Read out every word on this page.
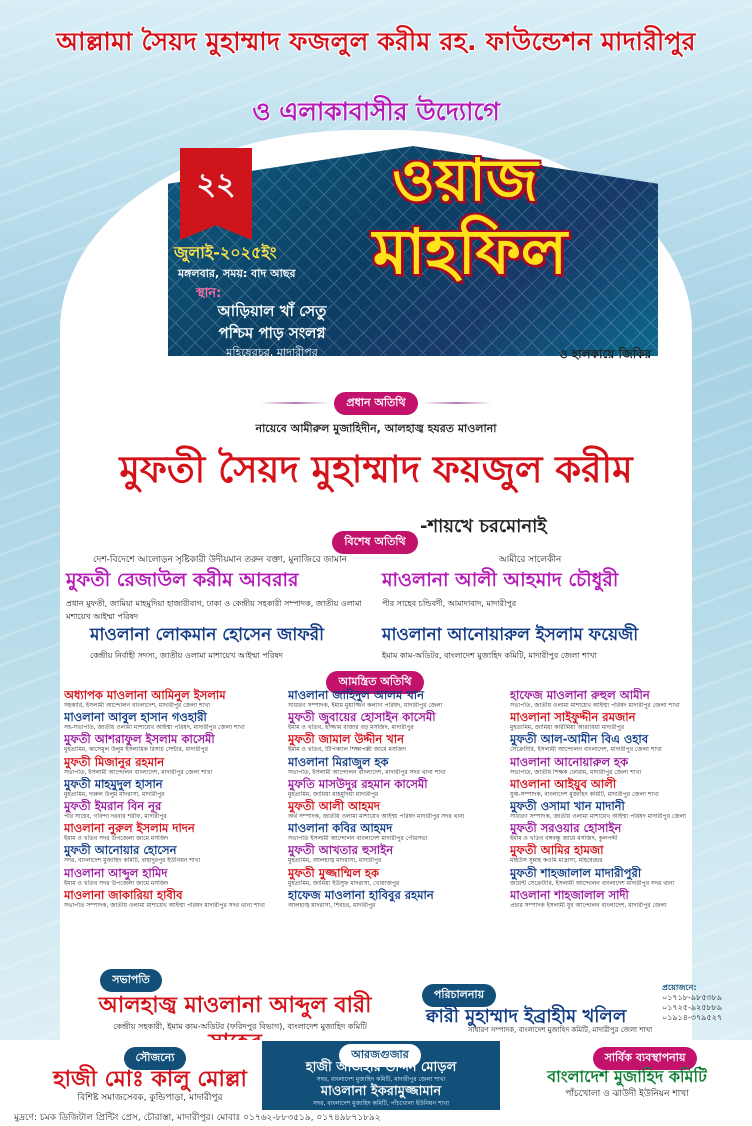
আল্লামা সৈয়দ মুহাম্মাদ ফজলুল করীম রহ. ফাউন্ডেশন মাদারীপুর
ও এলাকাবাসীর উদ্যোগে
২২
জুলাই-২০২৫ইং
মঙ্গলবার, সময়: বাদ আছর
স্থান:
আড়িয়াল খাঁ সেতু
পশ্চিম পাড় সংলগ্ন
মহিষেরচর, মাদারীপুর
ওয়াজ
মাহফিল
ও হালকায়ে জিকির
প্রধান অতিথি
নায়েবে আমীরুল মুজাহিদীন, আলহাজ্ব হযরত মাওলানা
মুফতী সৈয়দ মুহাম্মাদ ফয়জুল করীম
-শায়খে চরমোনাই
বিশেষ অতিথি
দেশ-বিদেশে আলোড়ন সৃষ্টিকারী উদীয়মান তরুন বক্তা, মুনাজিরে জামান	আমীরে সালেকীন
মুফতী রেজাউল করীম আবরার
প্রধান মুফতী, জামিয়া মাহমুদিয়া হাজারীবাগ, ঢাকা ও কেন্দ্রীয় সহকারী সম্পাদক, জাতীয় ওলামা মশায়েখ আইম্মা পরিষদ
মাওলানা আলী আহমাদ চৌধুরী
পীর সাহেব চন্ডিবর্দী, আমাদাবাদ, মাদারীপুর
মাওলানা লোকমান হোসেন জাফরী
কেন্দ্রীয় নির্বাহী সদস্য, জাতীয় ওলামা মাশায়েখ আইম্মা পরিষদ
মাওলানা আনোয়ারুল ইসলাম ফয়েজী
ইমাম কাম-অডিটর, বাংলাদেশ মুজাহিদ কমিটি, মাদারীপুর জেলা শাখা
আমন্ত্রিত অতিথি
অধ্যাপক মাওলানা আমিনুল ইসলাম
সহকারি, ইসলামী আন্দোলন বাংলাদেশ, মাদারীপুর জেলা শাখা
মাওলানা আবুল হাসান গওহারী
সহ-সভাপতি, জাতীয় ওলামা মাশায়েখ আইম্মা পরিষদ, মাদারীপুর জেলা শাখা
মুফতী আশরাফুল ইসলাম কাসেমী
মুহতামিম, কাসেমুল উলুম ইসলামিক রিসার্চ সেন্টার, মাদারীপুর
মুফতী মিজানুর রহমান
সভাপতি, ইসলামী আন্দোলন বাংলাদেশ, মাদারীপুর জেলা শাখা
মুফতী মাহমুদুল হাসান
মুহতামিম, দারুল উলুম মাদরাসা, মাদারীপুর
মুফতী ইমরান বিন নূর
পীর সাহেব, গবিন্দা দরবার শরীফ, মাদারীপুর
মাওলানা নুরুল ইসলাম দাদন
ইমাম ও খতিব সদর উপজেলা জামে মসজিদ
মুফতী আনোয়ার হোসেন
সদর, বাংলাদেশ মুজাহিদ কমিটি, বাহাদুরপুর ইউনিয়ন শাখা
মাওলানা আব্দুল হামিদ
ইমাম ও খতিব সদর উপজেলা জামে মসজিদ
মাওলানা জাকারিয়া হাবীব
সভাপতি সম্পাদক, জাতীয় ওলামা মাশায়েখ আইম্মা পরিষদ মাদারীপুর সদর থানা শাখা
মাওলানা জাহিদুল আলম খান
সাধারণ সম্পাদক, ইমাম মুয়াজ্জিন কল্যাণ পরিষদ, মাদারীপুর জেলা
মুফতী জুবায়ের হোসাইন কাসেমী
ইমাম ও খতিব, হাজ্জাম বাজার বড় মসজিদ, মাদারীপুর
মুফতী জামাল উদ্দীন খান
ইমাম ও খতিব, টিপিক্যাল শিক্ষাপল্লী জামে মসজিদ
মাওলানা মিরাজুল হক
সভাপতি, ইসলামী আন্দোলন বাংলাদেশ, মাদারীপুর সদর থানা শাখা
মুফতি মাসউদুর রহমান কাসেমী
মুহতামিম, জামিয়া মাহমুদিয়া মাদারীপুর
মুফতী আলী আহমদ
অর্থ সম্পাদক, জাতীয় ওলামা মাশায়েখ আইম্মা পরিষদ মাদারীপুর সদর থানা
মাওলানা কবির আহমদ
সভাপতি ইসলামী আন্দোলন বাংলাদেশ মাদারীপুর পৌরসভা
মুফতী আখতার হুসাইন
মুহতামিম, আলহাজ্ব মাদরাসা, মাদারীপুর
মুফতী মুজ্জাম্মিল হক
মুহতামিম, জামিয়া ইউসুফ মাদরাসা, খোয়াজপুর
হাফেজ মাওলানা হাবিবুর রহমান
আলহাজ্ব মাদরাসা, শিবচর, মাদারীপুর
হাফেজ মাওলানা রুহুল আমীন
সভাপতি, জাতীয় ওলামা মাশায়েখ আইম্মা পরিষদ মাদারীপুর জেলা শাখা
মাওলানা সাইফুদ্দীন রমজান
মুহতামিম, জামিয়া কারীমিয়া আরাবিয়া মাদারীপুর
মুফতী আল-আমীন বিএ ওহাব
সেক্রেটারি, ইসলামী আন্দোলন বাংলাদেশ, মাদারীপুর জেলা শাখা
মাওলানা আনোয়ারুল হক
সভাপতি, জাতীয় শিক্ষক ফোরাম, মাদারীপুর জেলা শাখা
মাওলানা আইয়ুব আলী
যুগ্ম-সম্পাদক, বাংলাদেশ মুজাহিদ কমিটি, মাদারীপুর জেলা শাখা
মুফতী ওসামা খান মাদানী
সাধারণ সম্পাদক, জাতীয় ওলামা মাশায়েখ আইম্মা পরিষদ মাদারীপুর জেলা
মুফতী সরওয়ার হোসাইন
ইমাম ও খতিব বঙ্গবন্ধু জামে মসজিদ, কুলপদ্দী
মুফতী আমির হামজা
মহিউস সুন্নাহ কওমি মাদ্রাসা, মহিষেরচর
মুফতী শাহজালাল মাদারীপুরী
জয়েন্ট সেক্রেটারি, ইসলামী আন্দোলন বাংলাদেশ মাদারীপুর সদর থানা
মাওলানা শাহজালাল সাদী
প্রচার সম্পাদক ইসলামী যুব আন্দোলন বাংলাদেশ, মাদারীপুর জেলা
সভাপতি
আলহাজ্ব মাওলানা আব্দুল বারী
কেন্দ্রীয় সহকারী, ইমাম কাম-অডিটর (ফরিদপুর বিভাগ), বাংলাদেশ মুজাহিদ কমিটি
পরিচালনায়
ক্বারী মুহাম্মাদ ইব্রাহীম খলিল
সাধারণ সম্পাদক, বাংলাদেশ মুজাহিদ কমিটি, মাদারীপুর জেলা শাখা
প্রয়োজনে:
০১৭১৮-৯৮৫৩৮৯
০১৭২৫-৯২৫৮৮৯
০১৯১৪-৩৭৯৫২৭
সৌজন্যে
হাজী মোঃ কালু মোল্লা
বিশিষ্ট সমাজসেবক, কুন্ডিপাড়া, মাদারীপুর
আরজগুজার
হাজী আজহার উদ্দিন মোড়ল
সদর, বাংলাদেশ মুজাহিদ কমিটি, মাদারীপুর জেলা শাখা
মাওলানা ইকরামুজ্জামান
সদর, বাংলাদেশ মুজাহিদ কমিটি, পাঁচখোলা ইউনিয়ন শাখা
সার্বিক ব্যবস্থাপনায়
বাংলাদেশ মুজাহিদ কমিটি
পাঁচখোলা ও ঝাউদী ইউনিয়ন শাখা
মুদ্রণে: চমক ডিজিটাল প্রিন্টিং প্রেস, চৌরাস্তা, মাদারীপুর। মোবাঃ ০১৭৬২-৮৮৩৫১৯, ০১৭৪৯৮৭১৮৯২
